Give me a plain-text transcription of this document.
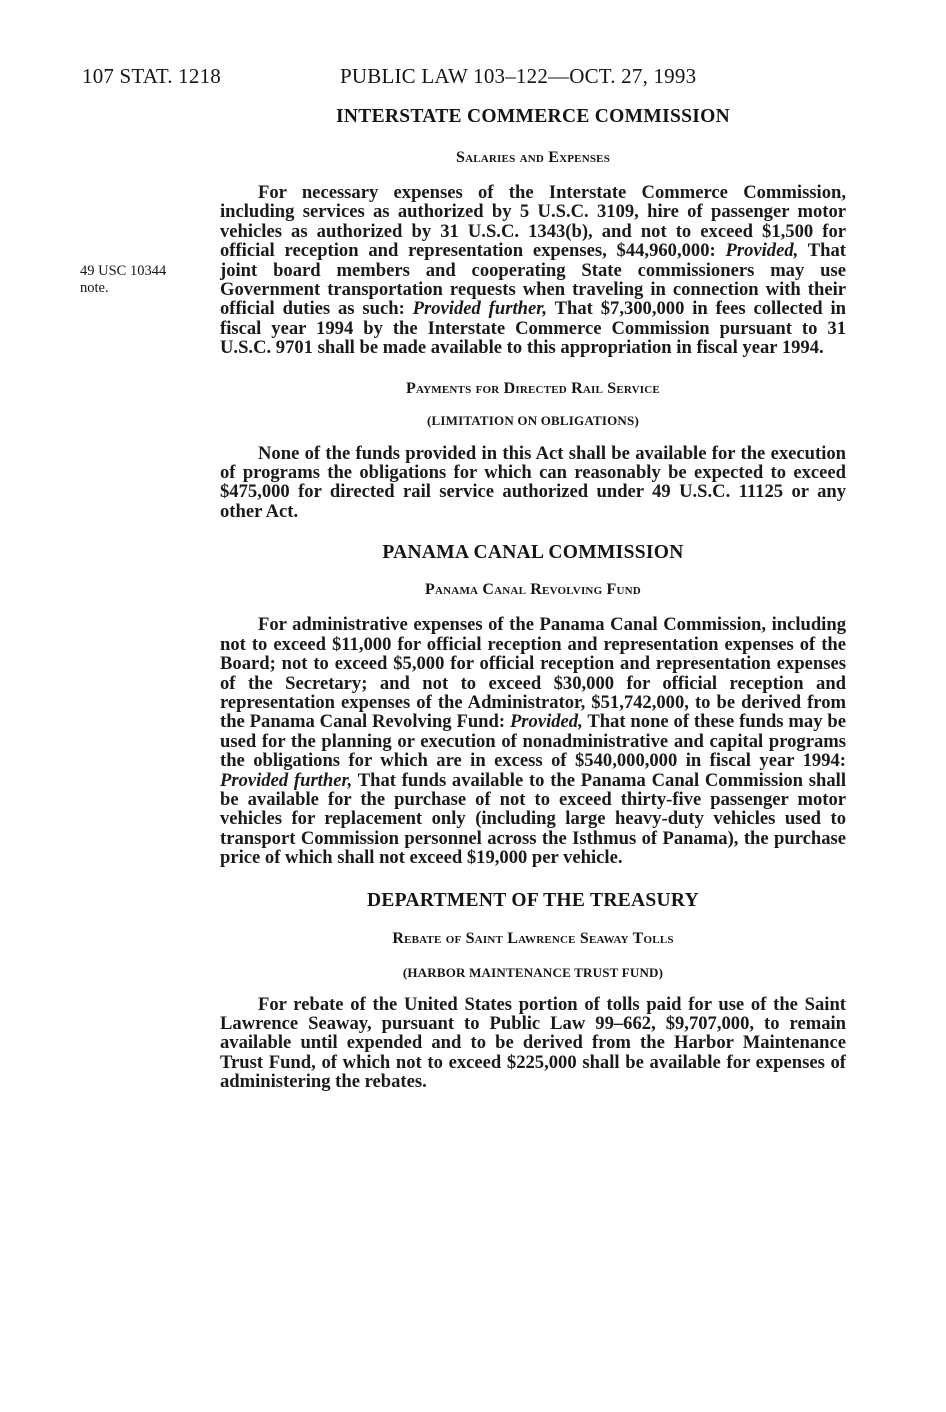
107 STAT. 1218	PUBLIC LAW 103–122—OCT. 27, 1993
49 USC 10344
note.
INTERSTATE COMMERCE COMMISSION
Salaries and Expenses

For necessary expenses of the Interstate Commerce Commission, including services as authorized by 5 U.S.C. 3109, hire of passenger motor vehicles as authorized by 31 U.S.C. 1343(b), and not to exceed $1,500 for official reception and representation expenses, $44,960,000: Provided, That joint board members and cooperating State commissioners may use Government transportation requests when traveling in connection with their official duties as such: Provided further, That $7,300,000 in fees collected in fiscal year 1994 by the Interstate Commerce Commission pursuant to 31 U.S.C. 9701 shall be made available to this appropriation in fiscal year 1994.

Payments for Directed Rail Service
(LIMITATION ON OBLIGATIONS)

None of the funds provided in this Act shall be available for the execution of programs the obligations for which can reasonably be expected to exceed $475,000 for directed rail service authorized under 49 U.S.C. 11125 or any other Act.

PANAMA CANAL COMMISSION
Panama Canal Revolving Fund

For administrative expenses of the Panama Canal Commission, including not to exceed $11,000 for official reception and representation expenses of the Board; not to exceed $5,000 for official reception and representation expenses of the Secretary; and not to exceed $30,000 for official reception and representation expenses of the Administrator, $51,742,000, to be derived from the Panama Canal Revolving Fund: Provided, That none of these funds may be used for the planning or execution of nonadministrative and capital programs the obligations for which are in excess of $540,000,000 in fiscal year 1994: Provided further, That funds available to the Panama Canal Commission shall be available for the purchase of not to exceed thirty-five passenger motor vehicles for replacement only (including large heavy-duty vehicles used to transport Commission personnel across the Isthmus of Panama), the purchase price of which shall not exceed $19,000 per vehicle.

DEPARTMENT OF THE TREASURY
Rebate of Saint Lawrence Seaway Tolls
(HARBOR MAINTENANCE TRUST FUND)

For rebate of the United States portion of tolls paid for use of the Saint Lawrence Seaway, pursuant to Public Law 99–662, $9,707,000, to remain available until expended and to be derived from the Harbor Maintenance Trust Fund, of which not to exceed $225,000 shall be available for expenses of administering the rebates.
